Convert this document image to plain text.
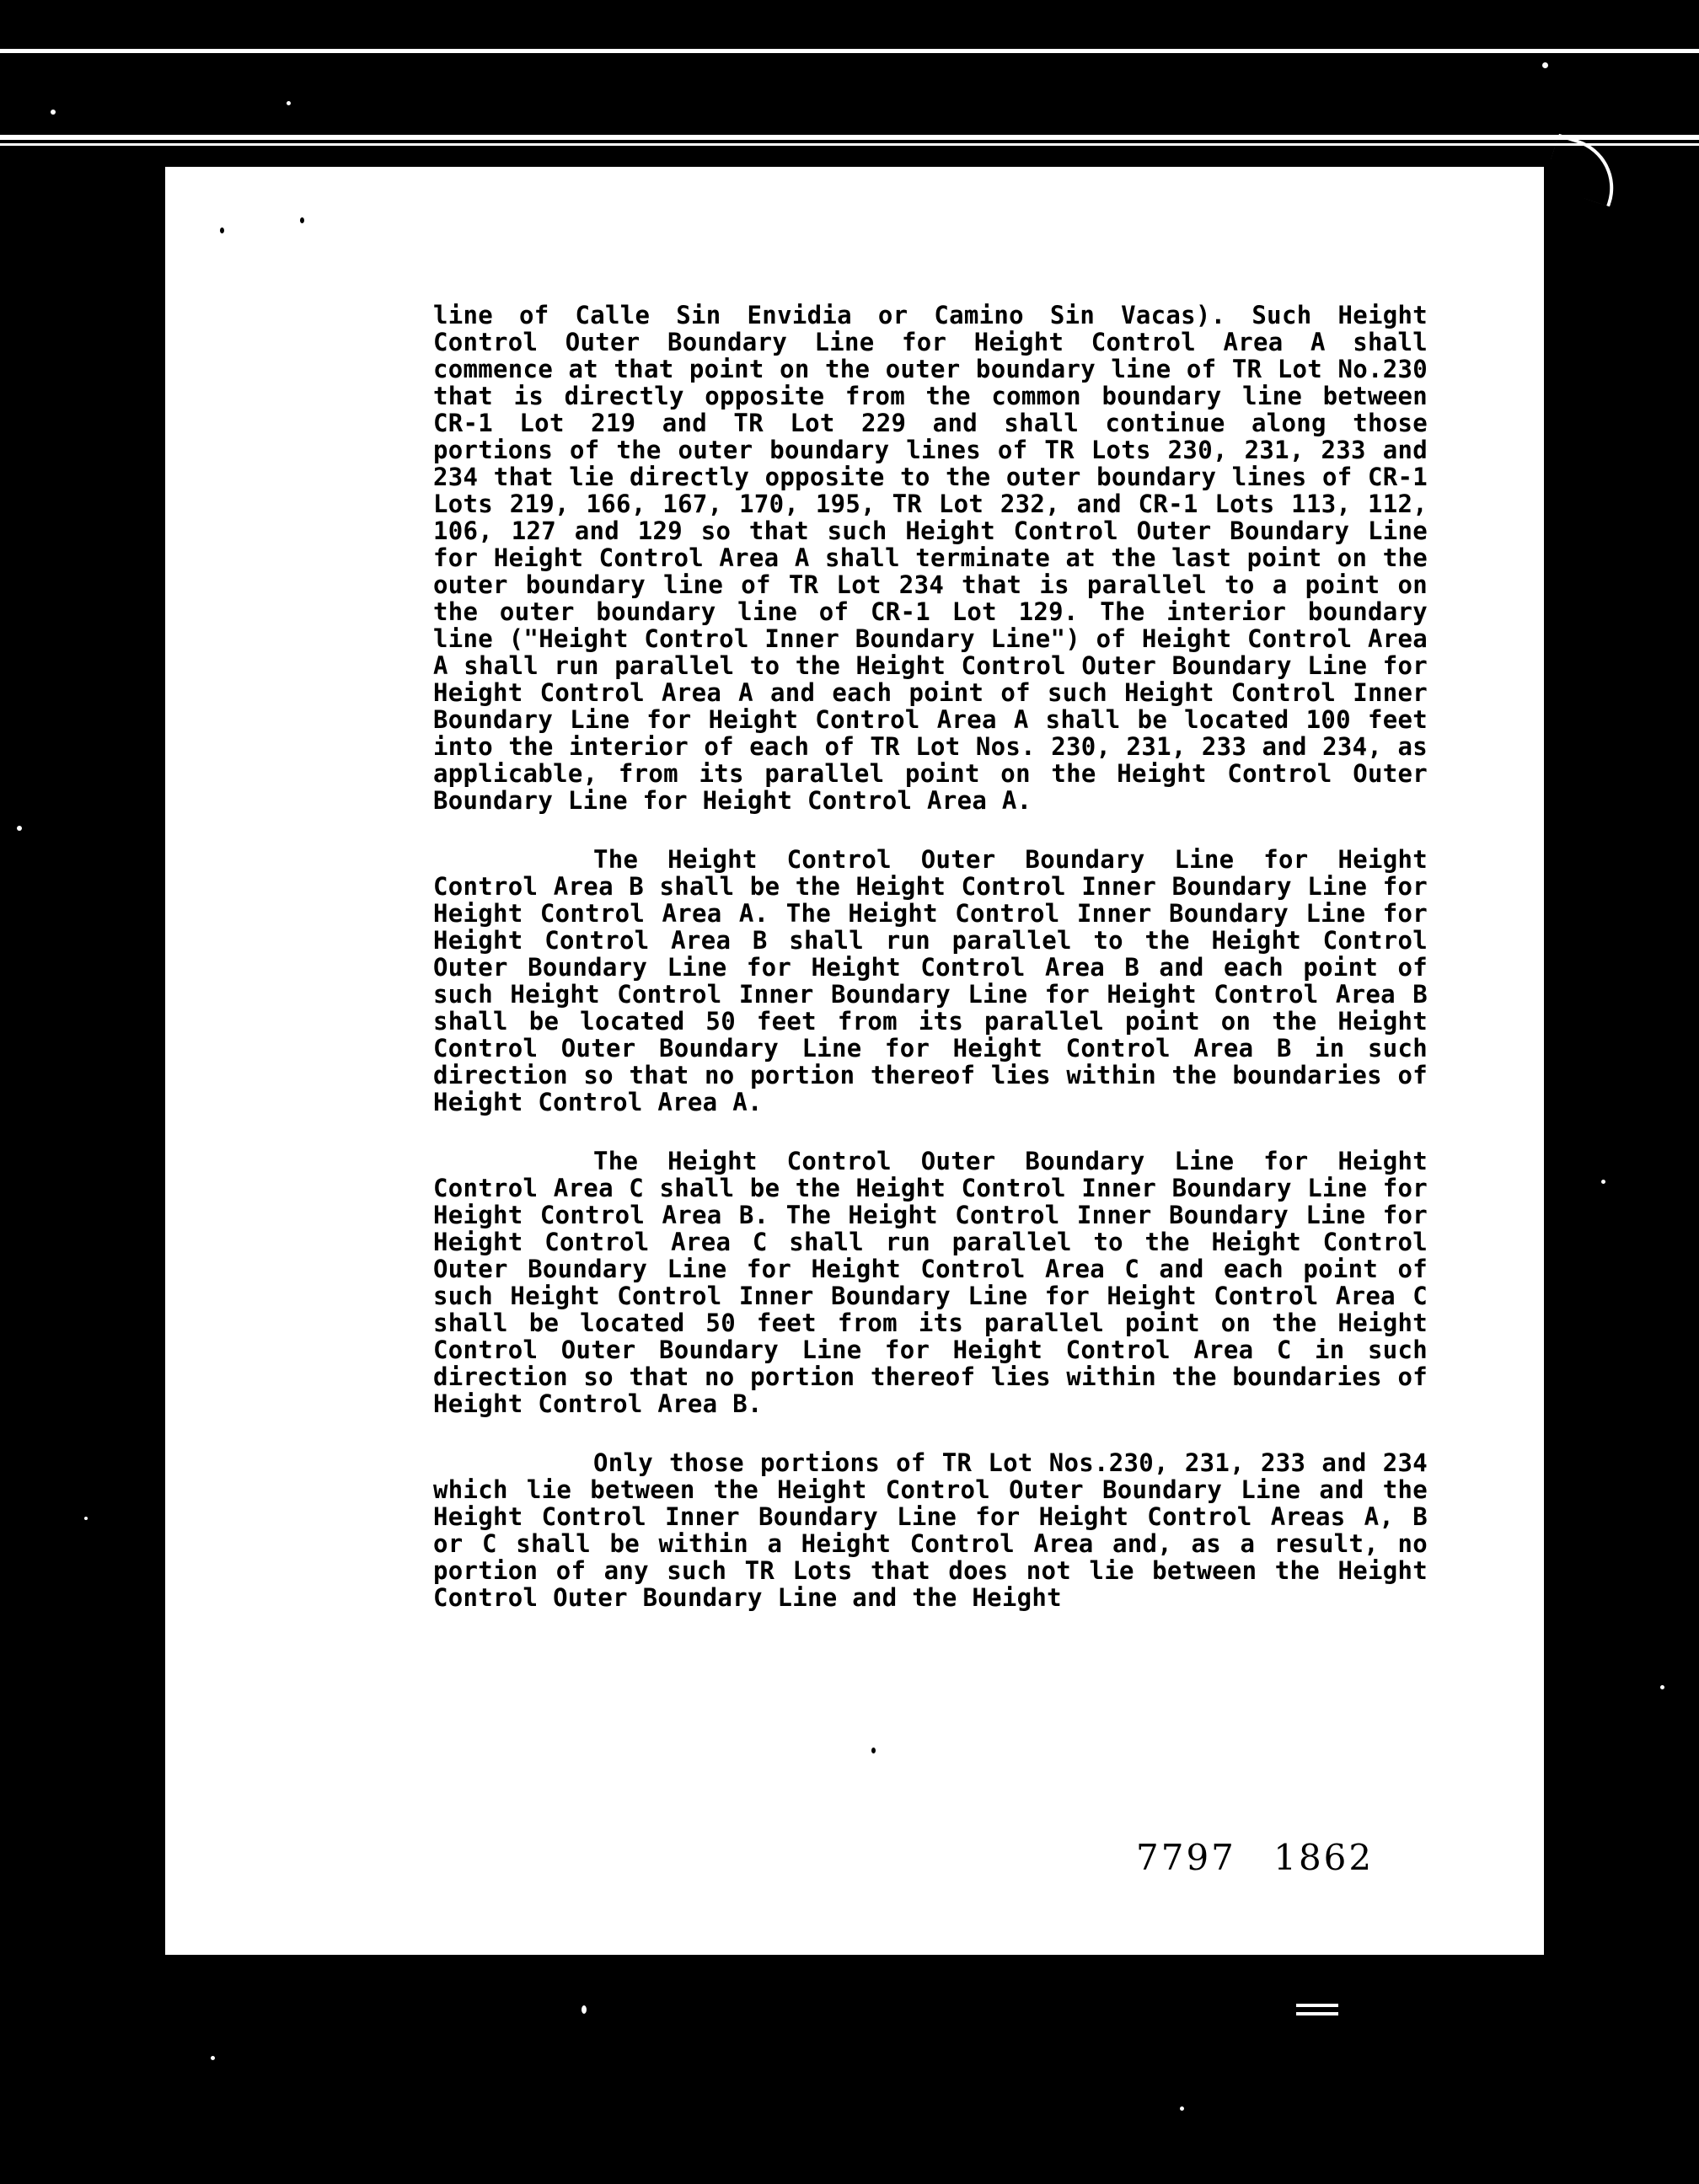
line of Calle Sin Envidia or Camino Sin Vacas). Such Height Control Outer Boundary Line for Height Control Area A shall commence at that point on the outer boundary line of TR Lot No.230 that is directly opposite from the common boundary line between CR-1 Lot 219 and TR Lot 229 and shall continue along those portions of the outer boundary lines of TR Lots 230, 231, 233 and 234 that lie directly opposite to the outer boundary lines of CR-1 Lots 219, 166, 167, 170, 195, TR Lot 232, and CR-1 Lots 113, 112, 106, 127 and 129 so that such Height Control Outer Boundary Line for Height Control Area A shall terminate at the last point on the outer boundary line of TR Lot 234 that is parallel to a point on the outer boundary line of CR-1 Lot 129. The interior boundary line ("Height Control Inner Boundary Line") of Height Control Area A shall run parallel to the Height Control Outer Boundary Line for Height Control Area A and each point of such Height Control Inner Boundary Line for Height Control Area A shall be located 100 feet into the interior of each of TR Lot Nos. 230, 231, 233 and 234, as applicable, from its parallel point on the Height Control Outer Boundary Line for Height Control Area A.

The Height Control Outer Boundary Line for Height Control Area B shall be the Height Control Inner Boundary Line for Height Control Area A. The Height Control Inner Boundary Line for Height Control Area B shall run parallel to the Height Control Outer Boundary Line for Height Control Area B and each point of such Height Control Inner Boundary Line for Height Control Area B shall be located 50 feet from its parallel point on the Height Control Outer Boundary Line for Height Control Area B in such direction so that no portion thereof lies within the boundaries of Height Control Area A.

The Height Control Outer Boundary Line for Height Control Area C shall be the Height Control Inner Boundary Line for Height Control Area B. The Height Control Inner Boundary Line for Height Control Area C shall run parallel to the Height Control Outer Boundary Line for Height Control Area C and each point of such Height Control Inner Boundary Line for Height Control Area C shall be located 50 feet from its parallel point on the Height Control Outer Boundary Line for Height Control Area C in such direction so that no portion thereof lies within the boundaries of Height Control Area B.

Only those portions of TR Lot Nos.230, 231, 233 and 234 which lie between the Height Control Outer Boundary Line and the Height Control Inner Boundary Line for Height Control Areas A, B or C shall be within a Height Control Area and, as a result, no portion of any such TR Lots that does not lie between the Height Control Outer Boundary Line and the Height

7797 1862
